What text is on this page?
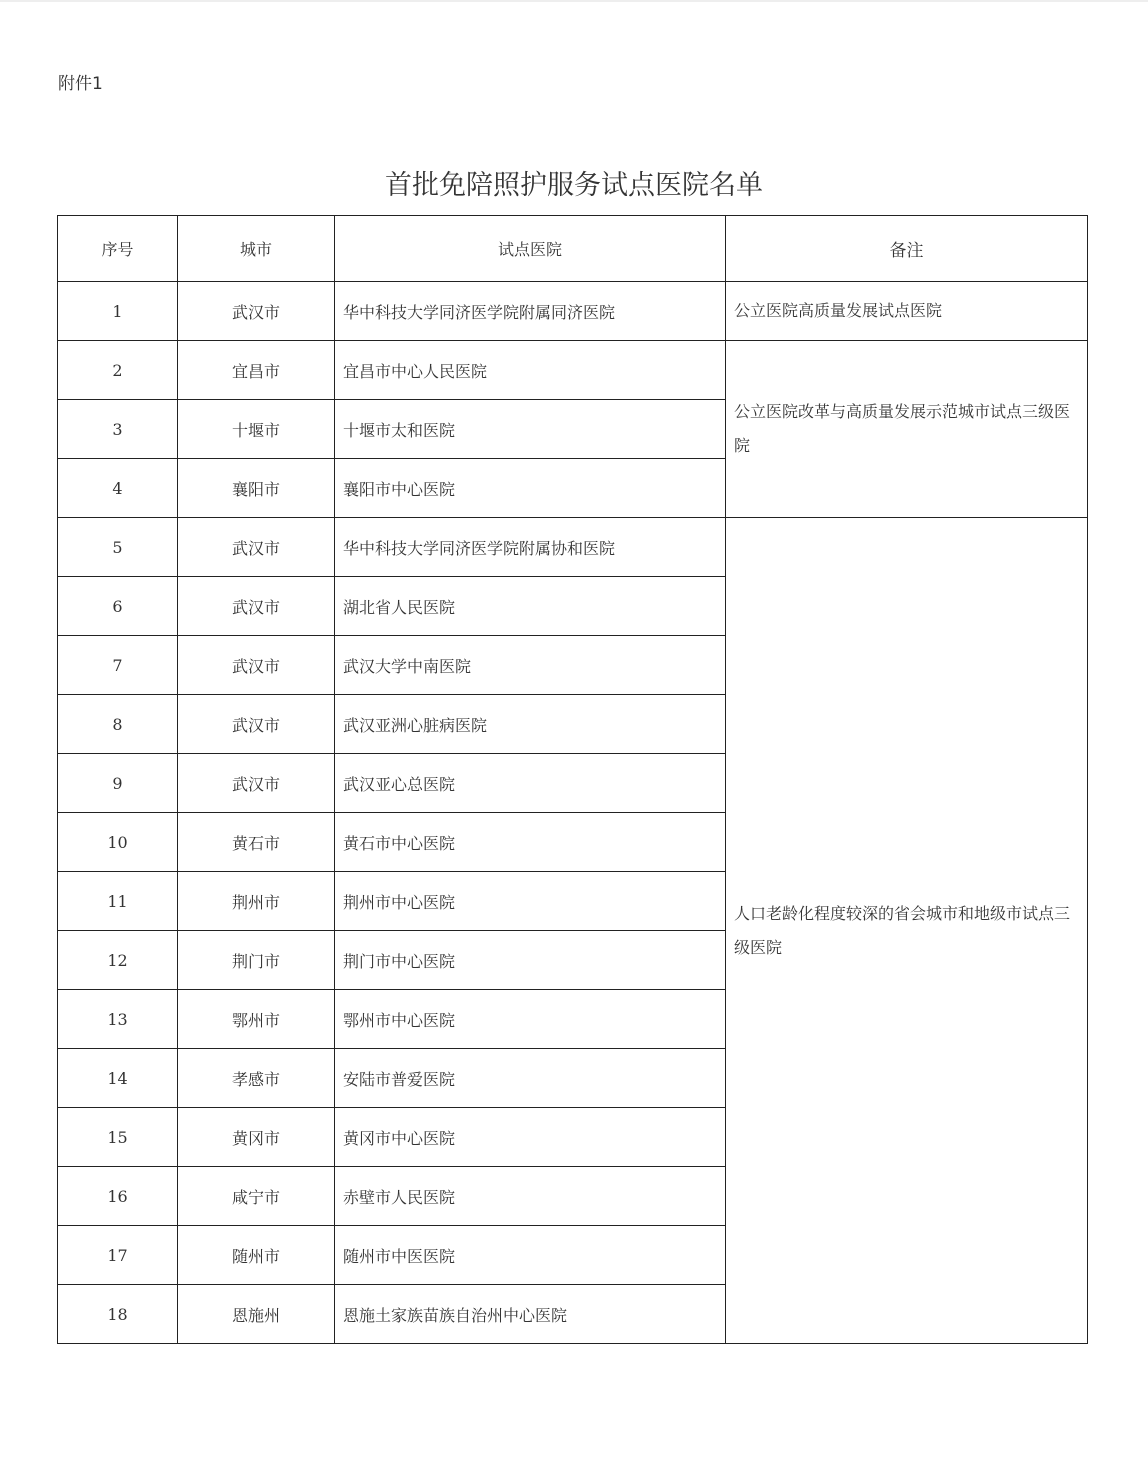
附件1
首批免陪照护服务试点医院名单
序号	城市	试点医院	备注
1	武汉市	华中科技大学同济医学院附属同济医院	公立医院高质量发展试点医院
2	宜昌市	宜昌市中心人民医院	公立医院改革与高质量发展示范城市试点三级医院
3	十堰市	十堰市太和医院	
4	襄阳市	襄阳市中心医院	
5	武汉市	华中科技大学同济医学院附属协和医院	人口老龄化程度较深的省会城市和地级市试点三级医院
6	武汉市	湖北省人民医院	
7	武汉市	武汉大学中南医院	
8	武汉市	武汉亚洲心脏病医院	
9	武汉市	武汉亚心总医院	
10	黄石市	黄石市中心医院	
11	荆州市	荆州市中心医院	
12	荆门市	荆门市中心医院	
13	鄂州市	鄂州市中心医院	
14	孝感市	安陆市普爱医院	
15	黄冈市	黄冈市中心医院	
16	咸宁市	赤壁市人民医院	
17	随州市	随州市中医医院	
18	恩施州	恩施土家族苗族自治州中心医院	
